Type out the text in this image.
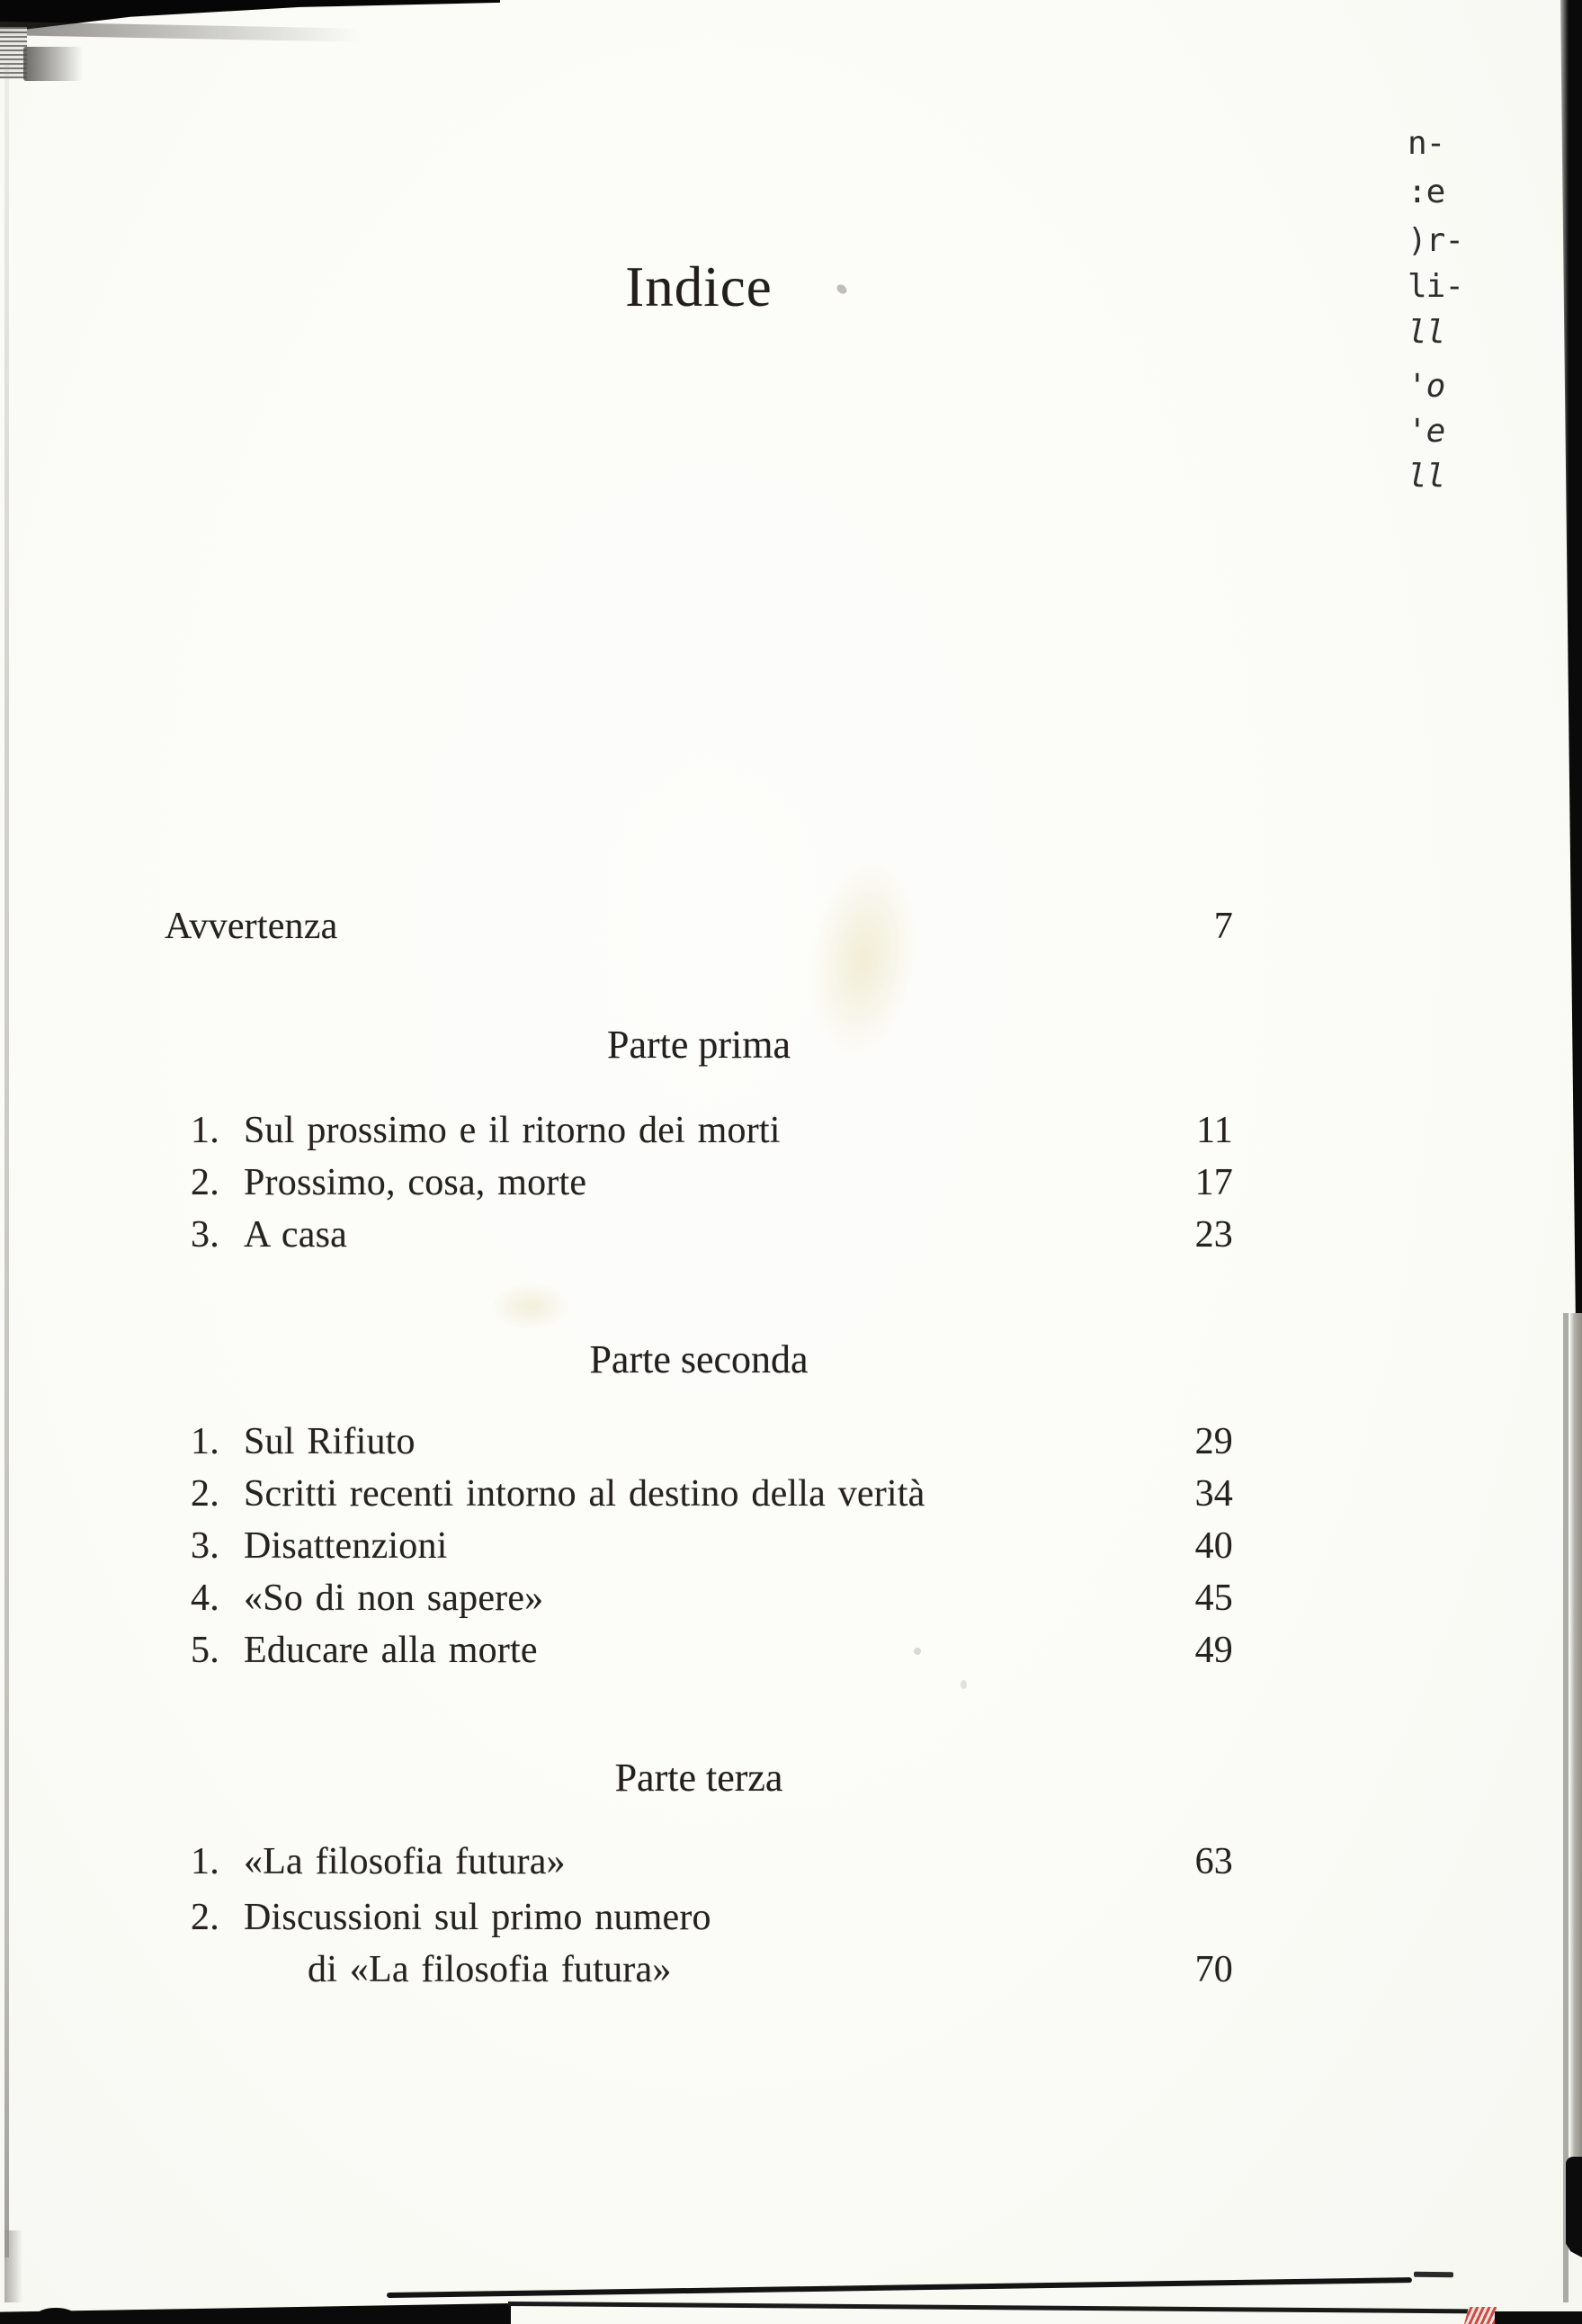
Indice
Avvertenza	7
Parte prima
1. Sul prossimo e il ritorno dei morti	11
2. Prossimo, cosa, morte	17
3. A casa	23
Parte seconda
1. Sul Rifiuto	29
2. Scritti recenti intorno al destino della verità	34
3. Disattenzioni	40
4. «So di non sapere»	45
5. Educare alla morte	49
Parte terza
1. «La filosofia futura»	63
2. Discussioni sul primo numero
di «La filosofia futura»	70
n-
:e
)r-
li-
ll
'o
'e
ll
